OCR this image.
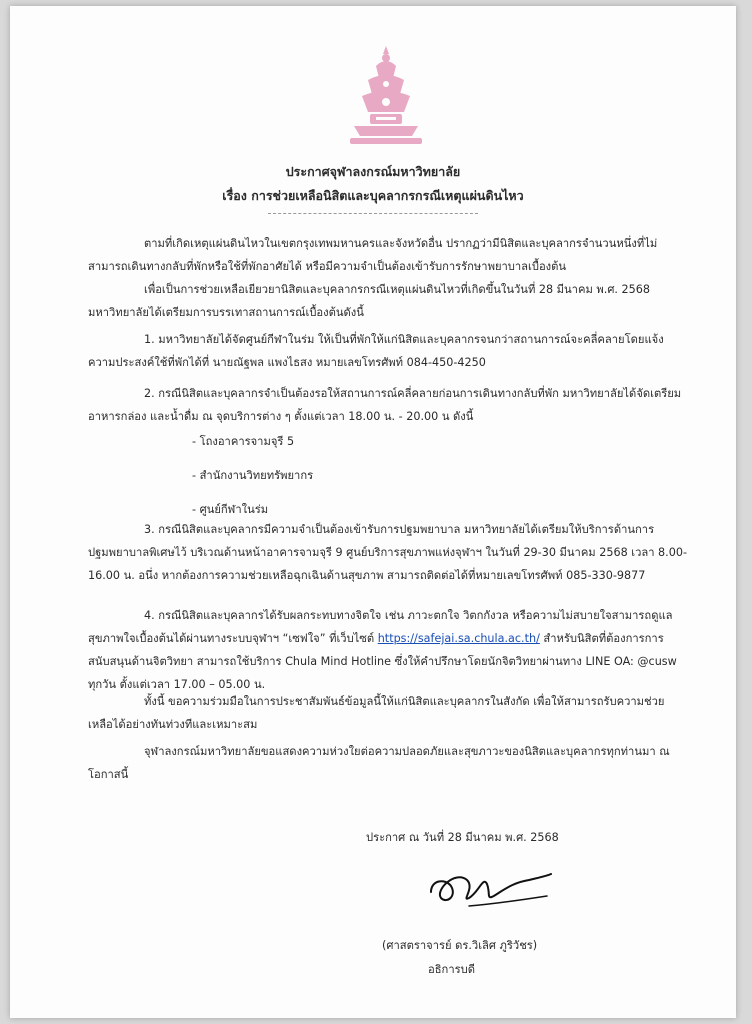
ประกาศจุฬาลงกรณ์มหาวิทยาลัย
เรื่อง การช่วยเหลือนิสิตและบุคลากรกรณีเหตุแผ่นดินไหว

ตามที่เกิดเหตุแผ่นดินไหวในเขตกรุงเทพมหานครและจังหวัดอื่น ปรากฏว่ามีนิสิตและบุคลากรจำนวนหนึ่งที่ไม่สามารถเดินทางกลับที่พักหรือใช้ที่พักอาศัยได้ หรือมีความจำเป็นต้องเข้ารับการรักษาพยาบาลเบื้องต้น

เพื่อเป็นการช่วยเหลือเยียวยานิสิตและบุคลากรกรณีเหตุแผ่นดินไหวที่เกิดขึ้นในวันที่ 28 มีนาคม พ.ศ. 2568 มหาวิทยาลัยได้เตรียมการบรรเทาสถานการณ์เบื้องต้นดังนี้

1. มหาวิทยาลัยได้จัดศูนย์กีฬาในร่ม ให้เป็นที่พักให้แก่นิสิตและบุคลากรจนกว่าสถานการณ์จะคลี่คลายโดยแจ้งความประสงค์ใช้ที่พักได้ที่ นายณัฐพล แพงไธสง หมายเลขโทรศัพท์ 084-450-4250

2. กรณีนิสิตและบุคลากรจำเป็นต้องรอให้สถานการณ์คลี่คลายก่อนการเดินทางกลับที่พัก มหาวิทยาลัยได้จัดเตรียมอาหารกล่อง และน้ำดื่ม ณ จุดบริการต่าง ๆ ตั้งแต่เวลา 18.00 น. - 20.00 น ดังนี้

- โถงอาคารจามจุรี 5
- สำนักงานวิทยทรัพยากร
- ศูนย์กีฬาในร่ม

3. กรณีนิสิตและบุคลากรมีความจำเป็นต้องเข้ารับการปฐมพยาบาล มหาวิทยาลัยได้เตรียมให้บริการด้านการปฐมพยาบาลพิเศษไว้ บริเวณด้านหน้าอาคารจามจุรี 9 ศูนย์บริการสุขภาพแห่งจุฬาฯ ในวันที่ 29-30 มีนาคม 2568 เวลา 8.00-16.00 น. อนึ่ง หากต้องการความช่วยเหลือฉุกเฉินด้านสุขภาพ สามารถติดต่อได้ที่หมายเลขโทรศัพท์ 085-330-9877

4. กรณีนิสิตและบุคลากรได้รับผลกระทบทางจิตใจ เช่น ภาวะตกใจ วิตกกังวล หรือความไม่สบายใจสามารถดูแลสุขภาพใจเบื้องต้นได้ผ่านทางระบบจุฬาฯ “เซฟใจ” ที่เว็บไซต์ https://safejai.sa.chula.ac.th/ สำหรับนิสิตที่ต้องการการสนับสนุนด้านจิตวิทยา สามารถใช้บริการ Chula Mind Hotline ซึ่งให้คำปรึกษาโดยนักจิตวิทยาผ่านทาง LINE OA: @cusw ทุกวัน ตั้งแต่เวลา 17.00 – 05.00 น.

ทั้งนี้ ขอความร่วมมือในการประชาสัมพันธ์ข้อมูลนี้ให้แก่นิสิตและบุคลากรในสังกัด เพื่อให้สามารถรับความช่วยเหลือได้อย่างทันท่วงทีและเหมาะสม

จุฬาลงกรณ์มหาวิทยาลัยขอแสดงความห่วงใยต่อความปลอดภัยและสุขภาวะของนิสิตและบุคลากรทุกท่านมา ณ โอกาสนี้

ประกาศ ณ วันที่ 28 มีนาคม พ.ศ. 2568
(ศาสตราจารย์ ดร.วิเลิศ ภูริวัชร)
อธิการบดี
